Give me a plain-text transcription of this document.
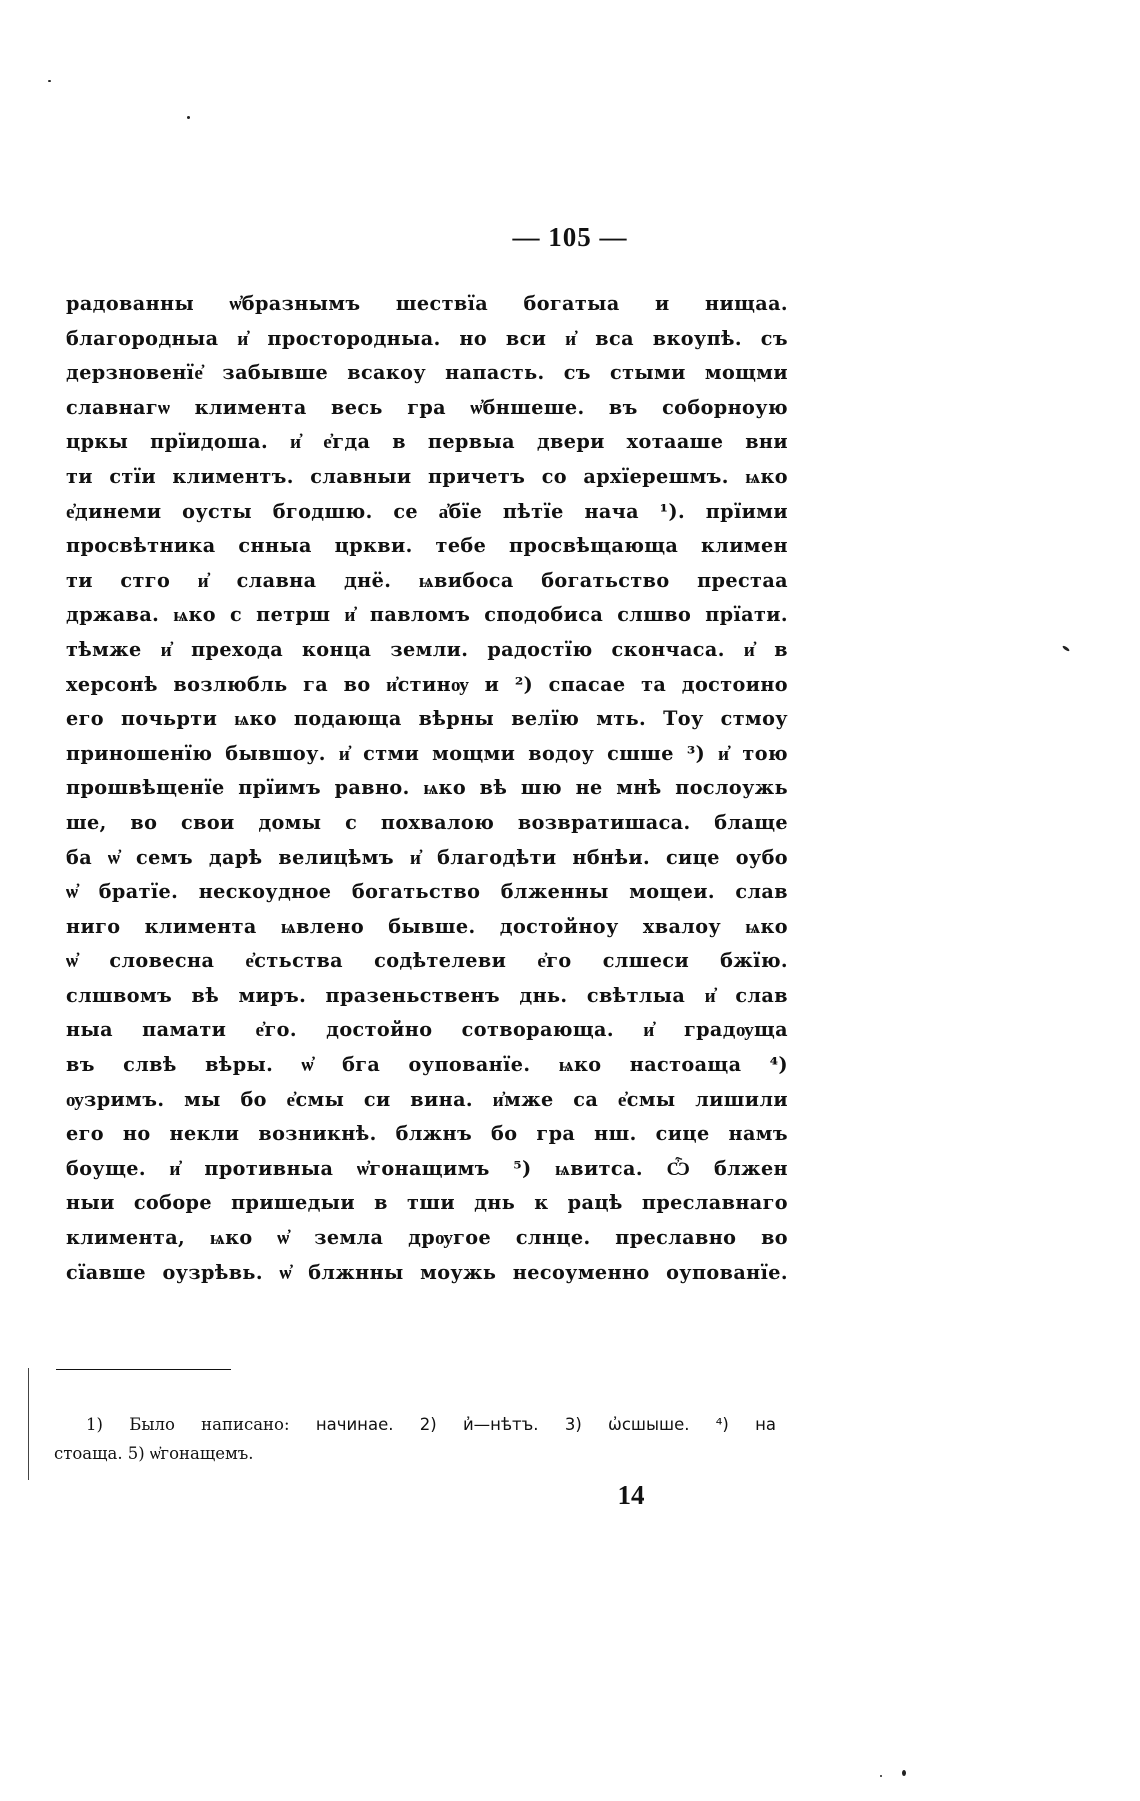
— 105 —
радованны ѡ҆бразнымъ шествїа богатыа и нищаа.
благородныа и҆ простородныа. но вси и҆ вса вкоупѣ. съ
дерзновенїе҆ забывше всакоу напасть. съ стыми мощми
славнагѡ климента весь гра ѡ҆бншеше. въ соборноую
цркы прїидоша. и҆ е҆гда в первыа двери хотааше вни
ти стїи климентъ. славныи причетъ со архїерешмъ. ѩко
е҆динеми оусты бгодшю. се а҆бїе пѣтїе нача ¹). прїими
просвѣтника снныа цркви. тебе просвѣщающа климен
ти стго и҆ славна днё. ѩвибоса богатьство престаа
држава. ѩко с петрш и҆ павломъ сподобиса слшво прїати.
тѣмже и҆ прехода конца земли. радостїю скончаса. и҆ в
херсонѣ возлюбль га во и҆стинѹ и ²) спасае та достоино
его почьрти ѩко подающа вѣрны велїю мть. Тоу стмоу
приношенїю бывшоу. и҆ стми мощми водоу сшше ³) и҆ тою
прошвѣщенїе прїимъ равно. ѩко вѣ шю не мнѣ послоужь
ше, во свои домы с похвалою возвратишаса. блаще
ба ѡ҆ семъ дарѣ велицѣмъ и҆ благодѣти нбнѣи. сице оубо
ѡ҆ братїе. нескоудное богатьство блженны мощеи. слав
ниго климента ѩвлено бывше. достойноу хвалоу ѩко
ѡ҆ словесна е҆стьства содѣтелеви е҆го слшеси бжїю.
слшвомъ вѣ миръ. празеньственъ днь. свѣтлыа и҆ слав
ныа памати е҆го. достойно сотворающа. и҆ градѹща
въ слвѣ вѣры. ѡ҆ бга оупованїе. ѩко настоаща ⁴)
ѹзримъ. мы бо е҆смы си вина. и҆мже са е҆смы лишили
его но некли возникнѣ. блжнъ бо гра нш. сице намъ
боуще. и҆ противныа ѡ҆гонащимъ ⁵) ѩвитса. Ѽ блжен
ныи соборе пришедыи в тши днь к рацѣ преславнаго
климента, ѩко ѡ҆ земла дрѹгое слнце. преславно во
сїавше оузрѣвь. ѡ҆ блжнны моужь несоуменно оупованїе.
1) Было написано: начинае. 2) и҆—нѣтъ. 3) ѡ҆сшыше. ⁴) на
стоаща. 5) ѡ҆гонащемъ.
14
